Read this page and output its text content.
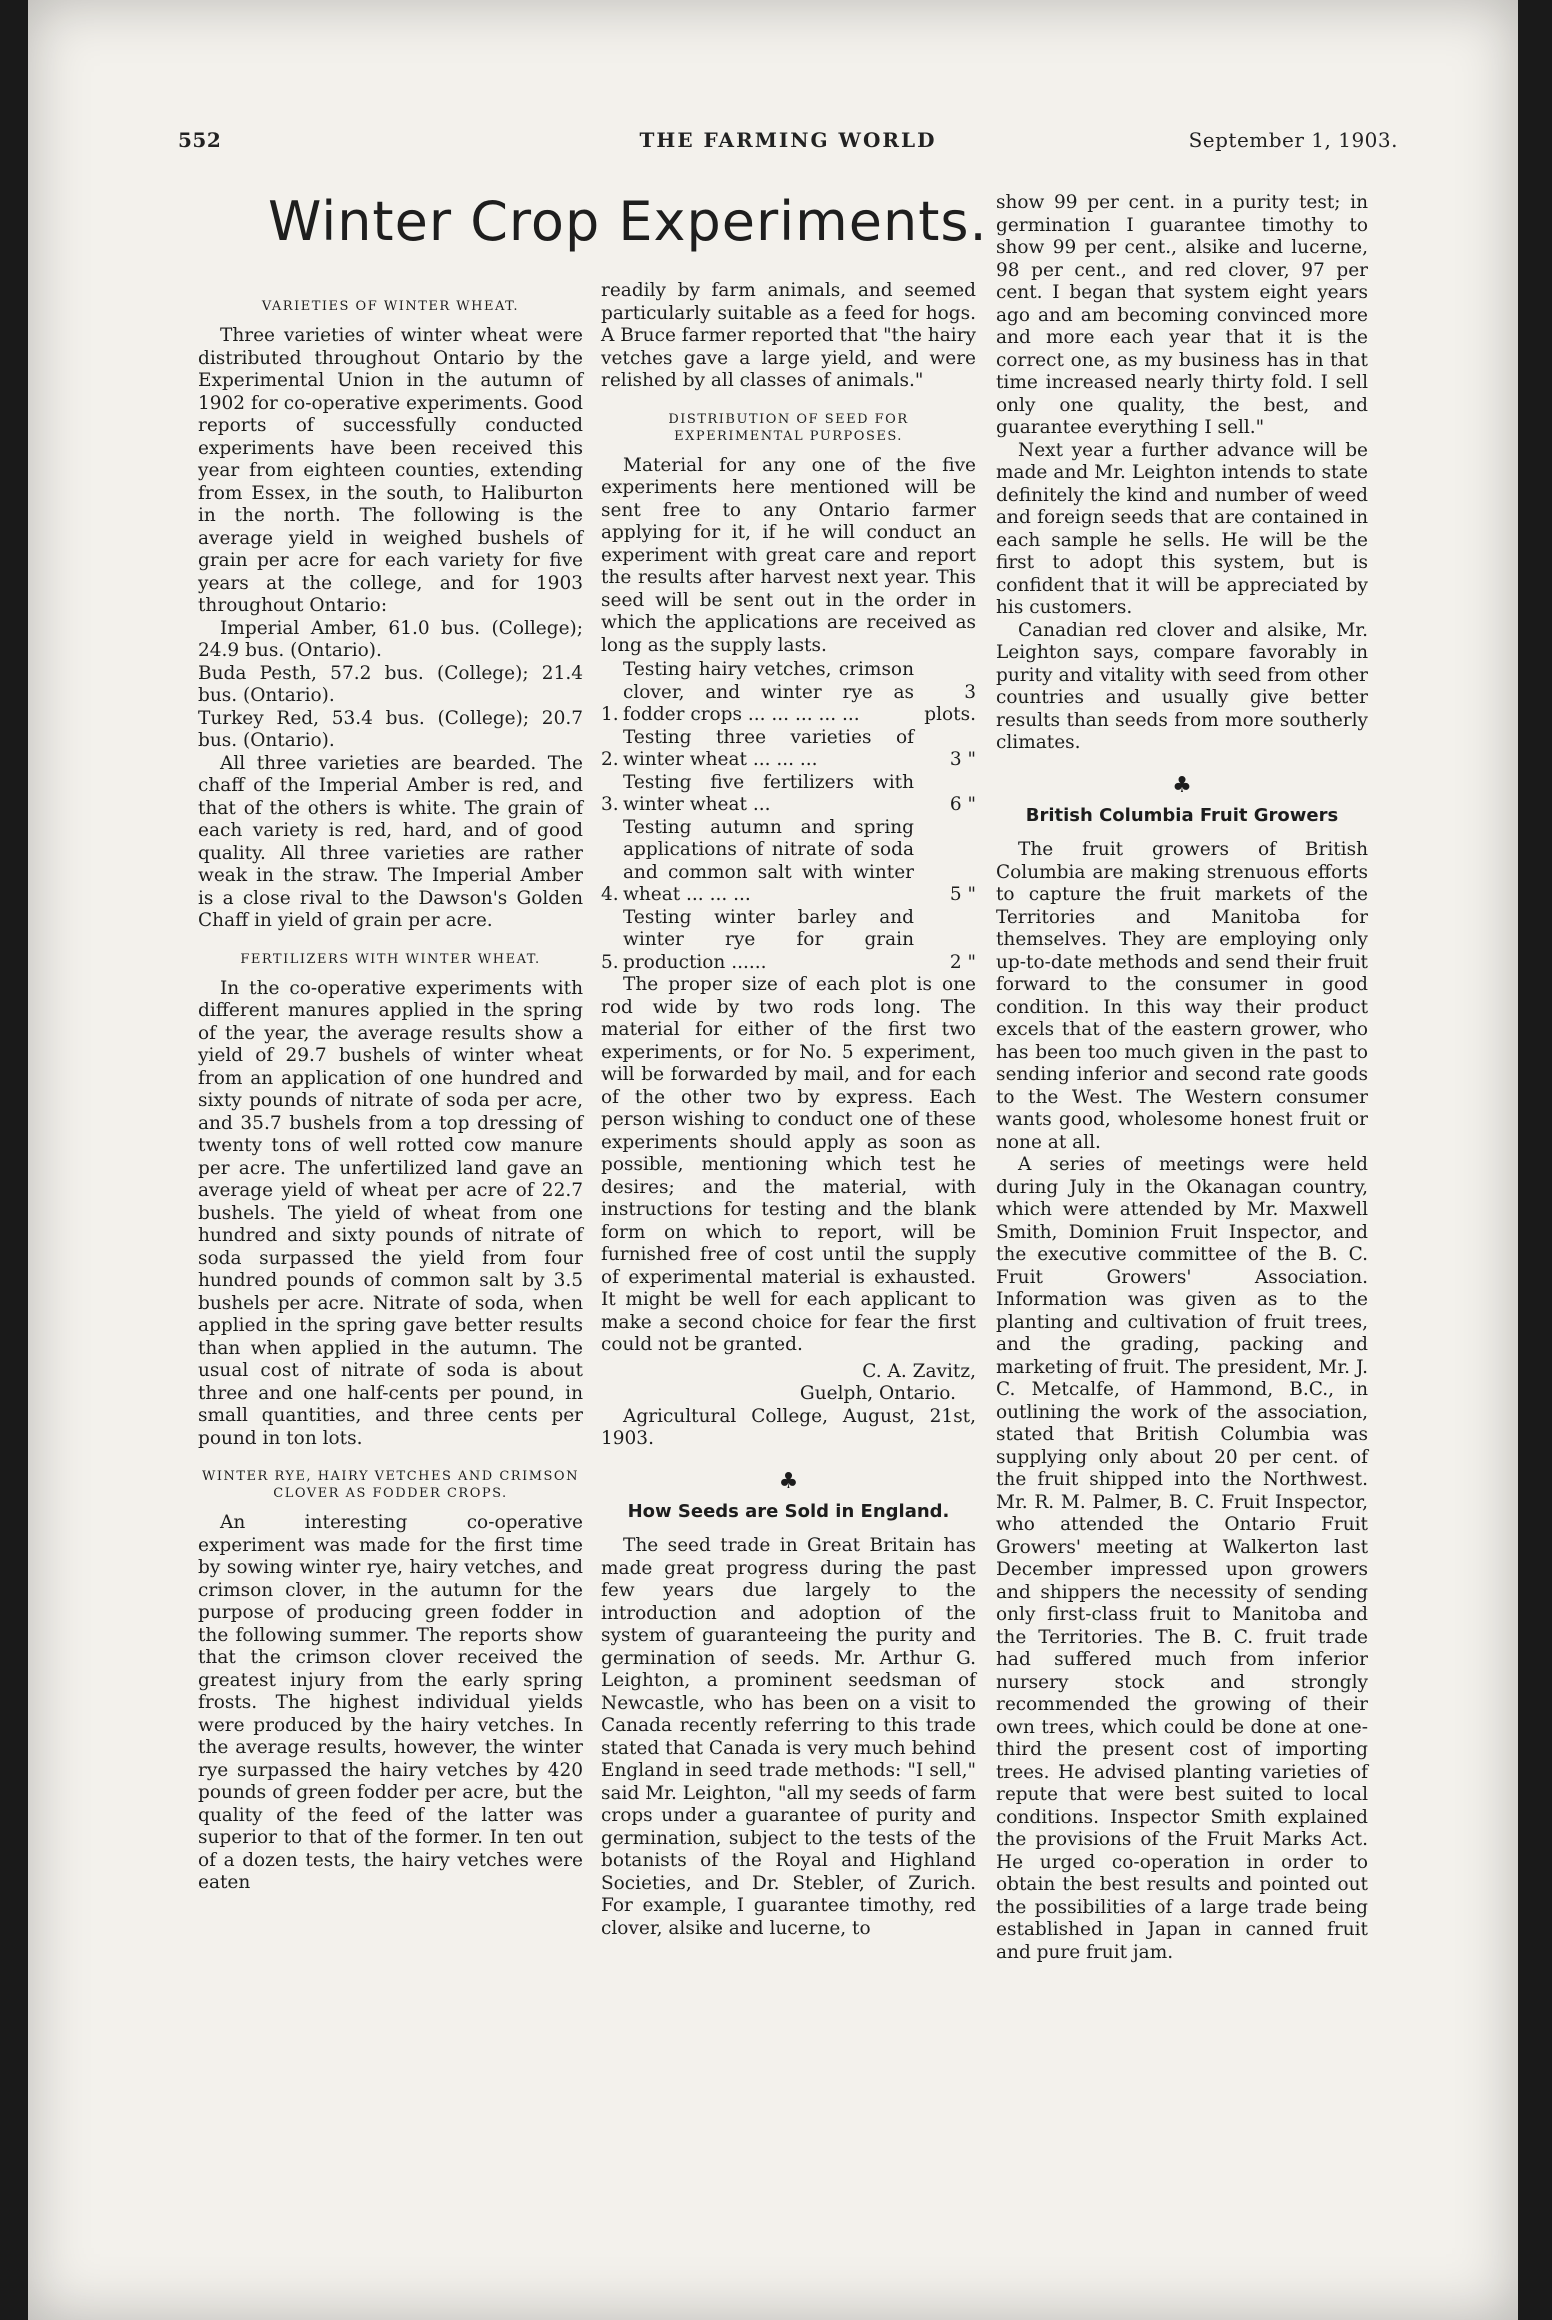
552	THE FARMING WORLD	September 1, 1903.
Winter Crop Experiments.
VARIETIES OF WINTER WHEAT.

Three varieties of winter wheat were distributed throughout Ontario by the Experimental Union in the autumn of 1902 for co-operative experiments. Good reports of successfully conducted experiments have been received this year from eighteen counties, extending from Essex, in the south, to Haliburton in the north. The following is the average yield in weighed bushels of grain per acre for each variety for five years at the college, and for 1903 throughout Ontario:

Imperial Amber, 61.0 bus. (College); 24.9 bus. (Ontario).

Buda Pesth, 57.2 bus. (College); 21.4 bus. (Ontario).

Turkey Red, 53.4 bus. (College); 20.7 bus. (Ontario).

All three varieties are bearded. The chaff of the Imperial Amber is red, and that of the others is white. The grain of each variety is red, hard, and of good quality. All three varieties are rather weak in the straw. The Imperial Amber is a close rival to the Dawson's Golden Chaff in yield of grain per acre.

FERTILIZERS WITH WINTER WHEAT.

In the co-operative experiments with different manures applied in the spring of the year, the average results show a yield of 29.7 bushels of winter wheat from an application of one hundred and sixty pounds of nitrate of soda per acre, and 35.7 bushels from a top dressing of twenty tons of well rotted cow manure per acre. The unfertilized land gave an average yield of wheat per acre of 22.7 bushels. The yield of wheat from one hundred and sixty pounds of nitrate of soda surpassed the yield from four hundred pounds of common salt by 3.5 bushels per acre. Nitrate of soda, when applied in the spring gave better results than when applied in the autumn. The usual cost of nitrate of soda is about three and one half-cents per pound, in small quantities, and three cents per pound in ton lots.

WINTER RYE, HAIRY VETCHES AND CRIMSON CLOVER AS FODDER CROPS.

An interesting co-operative experiment was made for the first time by sowing winter rye, hairy vetches, and crimson clover, in the autumn for the purpose of producing green fodder in the following summer. The reports show that the crimson clover received the greatest injury from the early spring frosts. The highest individual yields were produced by the hairy vetches. In the average results, however, the winter rye surpassed the hairy vetches by 420 pounds of green fodder per acre, but the quality of the feed of the latter was superior to that of the former. In ten out of a dozen tests, the hairy vetches were eaten

readily by farm animals, and seemed particularly suitable as a feed for hogs. A Bruce farmer reported that "the hairy vetches gave a large yield, and were relished by all classes of animals."

DISTRIBUTION OF SEED FOR EXPERIMENTAL PURPOSES.

Material for any one of the five experiments here mentioned will be sent free to any Ontario farmer applying for it, if he will conduct an experiment with great care and report the results after harvest next year. This seed will be sent out in the order in which the applications are received as long as the supply lasts.

1.
Testing hairy vetches, crimson clover, and winter rye as fodder crops ... ... ... ... ...
3 plots.
2.
Testing three varieties of winter wheat ... ... ...	3 "
3.
Testing five fertilizers with winter wheat ...	6 "
4.
Testing autumn and spring applications of nitrate of soda and common salt with winter wheat ... ... ...	5 "
5.
Testing winter barley and winter rye for grain production ......	2 "

The proper size of each plot is one rod wide by two rods long. The material for either of the first two experiments, or for No. 5 experiment, will be forwarded by mail, and for each of the other two by express. Each person wishing to conduct one of these experiments should apply as soon as possible, mentioning which test he desires; and the material, with instructions for testing and the blank form on which to report, will be furnished free of cost until the supply of experimental material is exhausted. It might be well for each applicant to make a second choice for fear the first could not be granted.

C. A. Zavitz,
Guelph, Ontario.

Agricultural College, August, 21st, 1903.

♣
How Seeds are Sold in England.

The seed trade in Great Britain has made great progress during the past few years due largely to the introduction and adoption of the system of guaranteeing the purity and germination of seeds. Mr. Arthur G. Leighton, a prominent seedsman of Newcastle, who has been on a visit to Canada recently referring to this trade stated that Canada is very much behind England in seed trade methods: "I sell," said Mr. Leighton, "all my seeds of farm crops under a guarantee of purity and germination, subject to the tests of the botanists of the Royal and Highland Societies, and Dr. Stebler, of Zurich. For example, I guarantee timothy, red clover, alsike and lucerne, to

show 99 per cent. in a purity test; in germination I guarantee timothy to show 99 per cent., alsike and lucerne, 98 per cent., and red clover, 97 per cent. I began that system eight years ago and am becoming convinced more and more each year that it is the correct one, as my business has in that time increased nearly thirty fold. I sell only one quality, the best, and guarantee everything I sell."

Next year a further advance will be made and Mr. Leighton intends to state definitely the kind and number of weed and foreign seeds that are contained in each sample he sells. He will be the first to adopt this system, but is confident that it will be appreciated by his customers.

Canadian red clover and alsike, Mr. Leighton says, compare favorably in purity and vitality with seed from other countries and usually give better results than seeds from more southerly climates.

♣
British Columbia Fruit Growers

The fruit growers of British Columbia are making strenuous efforts to capture the fruit markets of the Territories and Manitoba for themselves. They are employing only up-to-date methods and send their fruit forward to the consumer in good condition. In this way their product excels that of the eastern grower, who has been too much given in the past to sending inferior and second rate goods to the West. The Western consumer wants good, wholesome honest fruit or none at all.

A series of meetings were held during July in the Okanagan country, which were attended by Mr. Maxwell Smith, Dominion Fruit Inspector, and the executive committee of the B. C. Fruit Growers' Association. Information was given as to the planting and cultivation of fruit trees, and the grading, packing and marketing of fruit. The president, Mr. J. C. Metcalfe, of Hammond, B.C., in outlining the work of the association, stated that British Columbia was supplying only about 20 per cent. of the fruit shipped into the Northwest. Mr. R. M. Palmer, B. C. Fruit Inspector, who attended the Ontario Fruit Growers' meeting at Walkerton last December impressed upon growers and shippers the necessity of sending only first-class fruit to Manitoba and the Territories. The B. C. fruit trade had suffered much from inferior nursery stock and strongly recommended the growing of their own trees, which could be done at one-third the present cost of importing trees. He advised planting varieties of repute that were best suited to local conditions. Inspector Smith explained the provisions of the Fruit Marks Act. He urged co-operation in order to obtain the best results and pointed out the possibilities of a large trade being established in Japan in canned fruit and pure fruit jam.
